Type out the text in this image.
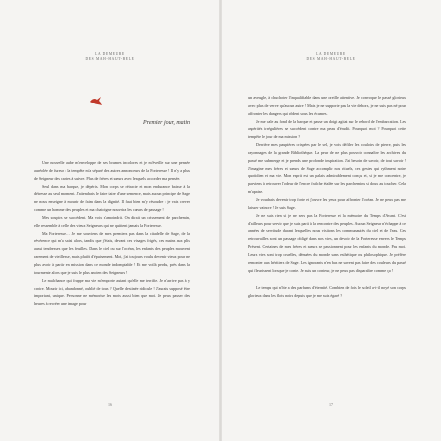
LA DEMEURE
DES MAH-HAUT-BELE
Premier jour, matin

Une nouvelle aube m'enveloppe de ses brumes incolores et je m'éveille sur une pensée auréolée de fureur : la tempête m'a séparé des autres annonceurs de la Forteresse ! Il n'y a plus de Seigneur des cartes à suivre. Plus de frères et sœurs avec lesquels accorder ma pensée.

Seul dans ma barque, je dépéris. Mon corps se rétracte et mon endurance baisse à la détresse au seul moment. J'attendrais le faire taire d'une semence, mais aucun principe de Sage ne nous enseigne à mourir de faim dans la dignité. Il faut bien m'y résoudre : je vais crever comme un homme des peuples et ma chatoigne nouvrira les cœurs de passage !

Mes soupirs se succèdent. Ma voix s'amoindrit. On dirait un crissement de parchemin, elle ressemble à celle des vieux Seigneurs qui ne quittent jamais la Forteresse.

Ma Forteresse… Je me souviens de mes premiers pas dans la citadelle de Sage, de la révérence qui m'a saisi alors, tandis que j'étais, devant ces visages frigés, ces mains aux plis aussi tendresses que les feuilles. Dans le ciel ou sur l'océan, les enfants des peuples mouvent rarement de vieillesse, mais plutôt d'épuisement. Moi, j'ai toujours voulu devenir vieux pour ne plus avoir à partir en mission dans ce monde indomptable ! Et me voilà perdu, près dans la tourmente alors que je suis le plus ancien des Seigneurs !

Le malchance qui frappe ma vie m'emporte autant qu'elle me terrifie. Je n'arrive pas à y croire. Mourir ici, abandonné, oublié de tous ? Quelle destinée ridicule ! J'aurais supposé être important, unique. Personne ne mémorise les mots aussi bien que moi. Je peux passer des heures à recréer une image pour

16
LA DEMEURE
DES MAH-HAUT-BELE

un aveugle, à chuchoter l'inqualifiable dans une oreille attentive. Je convoque le passé glorieux avec plus de verve qu'aucun autre ! Mais je ne supporte pas la vie dehors, je ne suis pas né pour affronter les dangers qui rôdent sous les écumes.

Je me cale au fond de la barque et passe un doigt agitat sur le rebord de l'embarcation. Les aspérités irrégulières se succèdent contre ma peau d'érudit. Pourquoi moi ? Pourquoi cette tempête le jour de ma mission ?

Derrière mes paupières crispées par le sel, je vois défiler les couloirs de pierre, puis les rayonnages de la grande Bibliothèque. La peur de ne plus pouvoir connaître les archives du passé me submerge et je prends une profonde inspiration. J'ai besoin de savoir, de tout savoir ! J'imagine mes frères et sœurs de Sage accomplir nos rituels, ces gestes qui rythment notre quotidien et ma vie. Mon esprit est un palais admirablement conçu et, si je me concentre, je parviens à retrouver l'odeur de l'encre fraîche étalée sur les parchemins si doux au toucher. Cela m'apaise.

Je voudrais devenir trop forte et j'ouvre les yeux pour affronter l'océan. Je ne peux pas me laisser vaincre ! Je suis Sage.

Je ne suis rien si je ne sers pas la Forteresse et la mémoire du Temps d'Avant. C'est d'ailleurs pour servir que je suis parti à la rencontre des peuples. Aucun Seigneur n'échappe à ce années de servitude durant lesquelles nous visitons les communautés du ciel et de l'eau. Ces retrouvailles sont un passage obligé dans nos vies, un devoir de la Forteresse envers le Temps Présent. Certaines de mes frères et sœurs se passionnent pour les enfants du monde. Pas moi. Leurs vies sont trop cruelles, dénuées du monde sans esthétique ou philosophique. Je préfère remonter aux héritiers de Sage. Les ignorants n'en bas ne savent pas faire des couleurs du passé qui fleurissent lorsque je conte. Je suis un conteur, je ne peux pas disparaître comme ça !

Le temps qui n'ôte a des parfums d'éternité. Combien de fois le soleil a-t-il noyé son corps glorieux dans les flots noirs depuis que je me suis égaré ?

17
